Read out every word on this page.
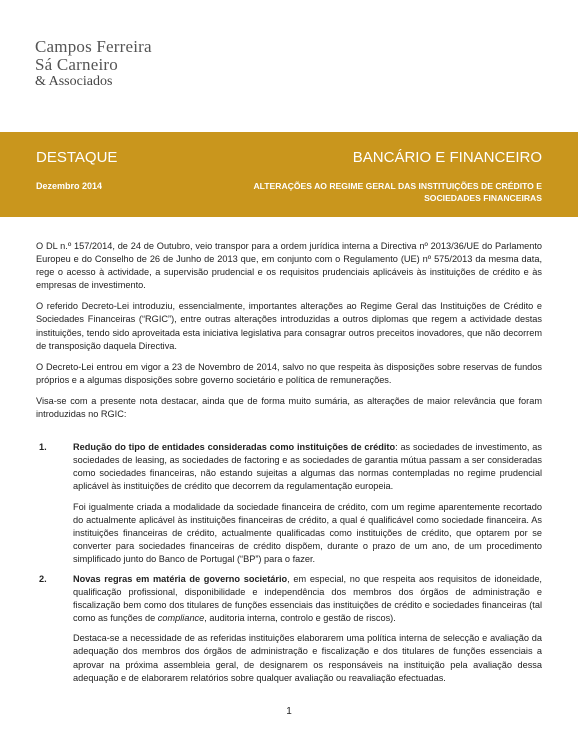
Campos Ferreira
Sá Carneiro
& Associados
DESTAQUE
Dezembro 2014
BANCÁRIO E FINANCEIRO
ALTERAÇÕES AO REGIME GERAL DAS INSTITUIÇÕES DE CRÉDITO E SOCIEDADES FINANCEIRAS

O DL n.º 157/2014, de 24 de Outubro, veio transpor para a ordem jurídica interna a Directiva nº 2013/36/UE do Parlamento Europeu e do Conselho de 26 de Junho de 2013 que, em conjunto com o Regulamento (UE) nº 575/2013 da mesma data, rege o acesso à actividade, a supervisão prudencial e os requisitos prudenciais aplicáveis às instituições de crédito e às empresas de investimento.

O referido Decreto-Lei introduziu, essencialmente, importantes alterações ao Regime Geral das Instituições de Crédito e Sociedades Financeiras (“RGIC”), entre outras alterações introduzidas a outros diplomas que regem a actividade destas instituições, tendo sido aproveitada esta iniciativa legislativa para consagrar outros preceitos inovadores, que não decorrem de transposição daquela Directiva.

O Decreto-Lei entrou em vigor a 23 de Novembro de 2014, salvo no que respeita às disposições sobre reservas de fundos próprios e a algumas disposições sobre governo societário e política de remunerações.

Visa-se com a presente nota destacar, ainda que de forma muito sumária, as alterações de maior relevância que foram introduzidas no RGIC:

1.	Redução do tipo de entidades consideradas como instituições de crédito: as sociedades de investimento, as sociedades de leasing, as sociedades de factoring e as sociedades de garantia mútua passam a ser consideradas como sociedades financeiras, não estando sujeitas a algumas das normas contempladas no regime prudencial aplicável às instituições de crédito que decorrem da regulamentação europeia.

Foi igualmente criada a modalidade da sociedade financeira de crédito, com um regime aparentemente recortado do actualmente aplicável às instituições financeiras de crédito, a qual é qualificável como sociedade financeira. As instituições financeiras de crédito, actualmente qualificadas como instituições de crédito, que optarem por se converter para sociedades financeiras de crédito dispõem, durante o prazo de um ano, de um procedimento simplificado junto do Banco de Portugal (“BP”) para o fazer.

2.	Novas regras em matéria de governo societário, em especial, no que respeita aos requisitos de idoneidade, qualificação profissional, disponibilidade e independência dos membros dos órgãos de administração e fiscalização bem como dos titulares de funções essenciais das instituições de crédito e sociedades financeiras (tal como as funções de compliance, auditoria interna, controlo e gestão de riscos).

Destaca-se a necessidade de as referidas instituições elaborarem uma política interna de selecção e avaliação da adequação dos membros dos órgãos de administração e fiscalização e dos titulares de funções essenciais a aprovar na próxima assembleia geral, de designarem os responsáveis na instituição pela avaliação dessa adequação e de elaborarem relatórios sobre qualquer avaliação ou reavaliação efectuadas.

1
